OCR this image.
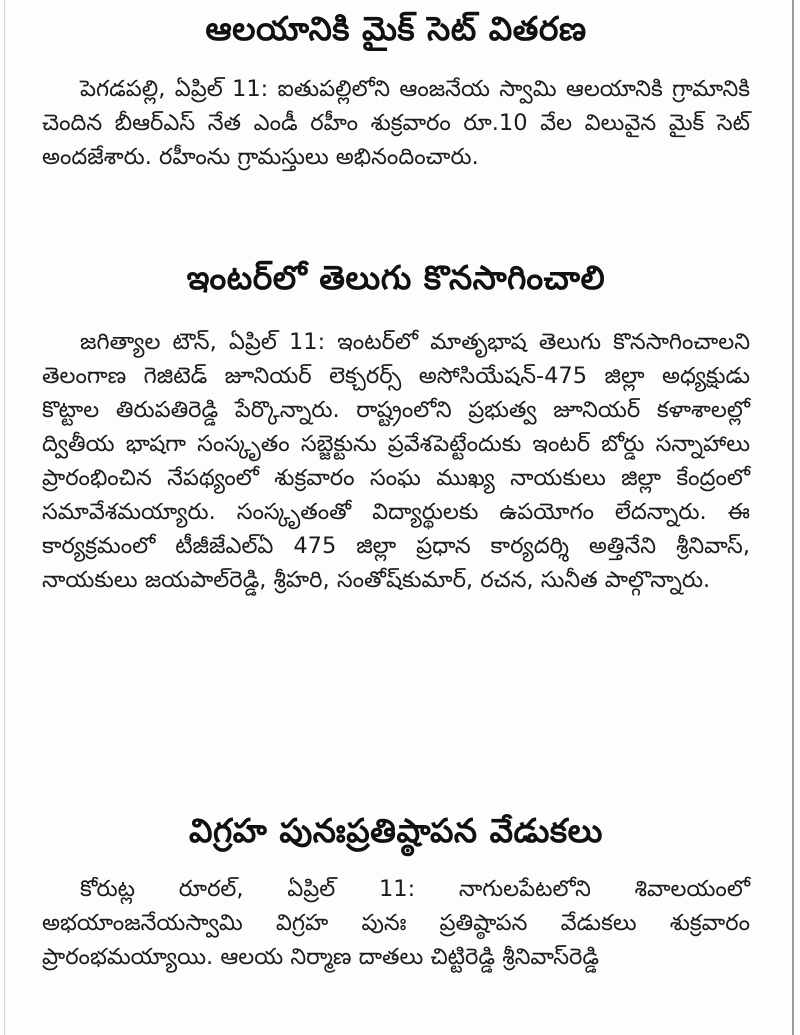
ఆలయానికి మైక్ సెట్ వితరణ

పెగడపల్లి, ఏప్రిల్ 11: ఐతుపల్లిలోని ఆంజనేయ స్వామి ఆలయానికి గ్రామానికి చెందిన బీఆర్ఎస్ నేత ఎండీ రహీం శుక్రవారం రూ.10 వేల విలువైన మైక్ సెట్ అందజేశారు. రహీంను గ్రామస్తులు అభినందించారు.

ఇంటర్‌లో తెలుగు కొనసాగించాలి

జగిత్యాల టౌన్, ఏప్రిల్ 11: ఇంటర్‌లో మాతృభాష తెలుగు కొనసాగించాలని తెలంగాణ గెజిటెడ్ జూనియర్ లెక్చరర్స్ అసోసియేషన్-475 జిల్లా అధ్యక్షుడు కొట్టాల తిరుపతిరెడ్డి పేర్కొన్నారు. రాష్ట్రంలోని ప్రభుత్వ జూనియర్ కళాశాలల్లో ద్వితీయ భాషగా సంస్కృతం సబ్జెక్టును ప్రవేశపెట్టేందుకు ఇంటర్ బోర్డు సన్నాహాలు ప్రారంభించిన నేపథ్యంలో శుక్రవారం సంఘ ముఖ్య నాయకులు జిల్లా కేంద్రంలో సమావేశమయ్యారు. సంస్కృతంతో విద్యార్థులకు ఉపయోగం లేదన్నారు. ఈ కార్యక్రమంలో టీజీజేఎల్ఏ 475 జిల్లా ప్రధాన కార్యదర్శి అత్తినేని శ్రీనివాస్, నాయకులు జయపాల్‌రెడ్డి, శ్రీహరి, సంతోష్‌కుమార్, రచన, సునీత పాల్గొన్నారు.

విగ్రహ పునఃప్రతిష్ఠాపన వేడుకలు

కోరుట్ల రూరల్, ఏప్రిల్ 11: నాగులపేటలోని శివాలయంలో అభయాంజనేయస్వామి విగ్రహ పునః ప్రతిష్ఠాపన వేడుకలు శుక్రవారం ప్రారంభమయ్యాయి. ఆలయ నిర్మాణ దాతలు చిట్టిరెడ్డి శ్రీనివాస్‌రెడ్డి
